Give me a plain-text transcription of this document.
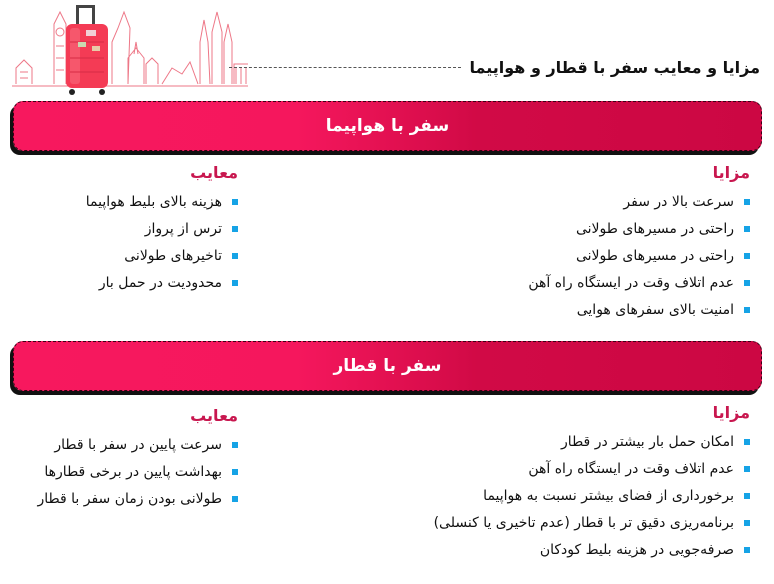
مزایا و معایب سفر با قطار و هواپیما
سفر با هواپیما
مزایا
سرعت بالا در سفر
راحتی در مسیرهای طولانی
راحتی در مسیرهای طولانی
عدم اتلاف وقت در ایستگاه راه آهن
امنیت بالای سفرهای هوایی
معایب
هزینه بالای بلیط هواپیما
ترس از پرواز
تاخیرهای طولانی
محدودیت در حمل بار
سفر با قطار
مزایا
امکان حمل بار بیشتر در قطار
عدم اتلاف وقت در ایستگاه راه آهن
برخورداری از فضای بیشتر نسبت به هواپیما
برنامه‌ریزی دقیق تر با قطار (عدم تاخیری یا کنسلی)
صرفه‌جویی در هزینه بلیط کودکان
معایب
سرعت پایین در سفر با قطار
بهداشت پایین در برخی قطارها
طولانی بودن زمان سفر با قطار
